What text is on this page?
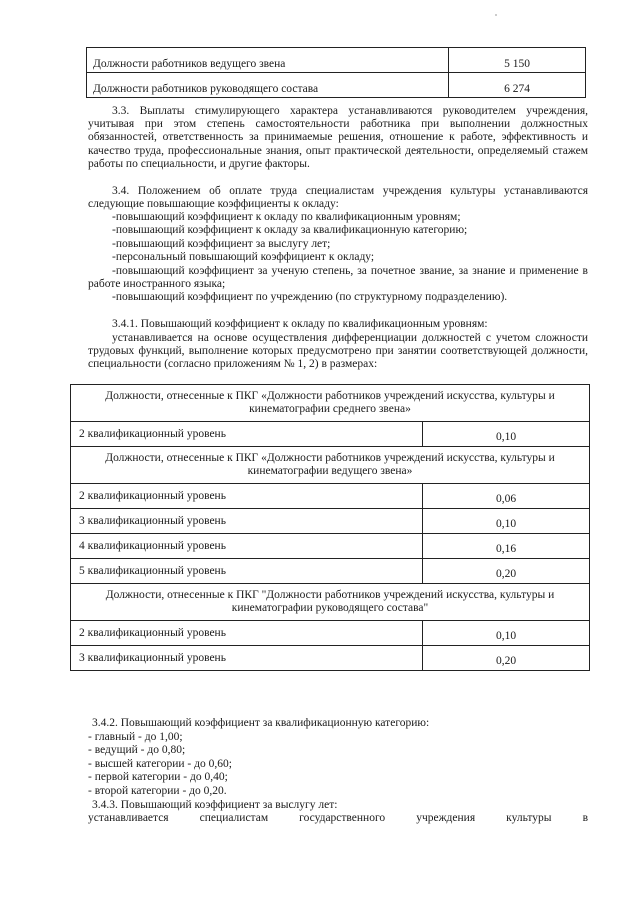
Должности работников ведущего звена	5 150
Должности работников руководящего состава	6 274

3.3. Выплаты стимулирующего характера устанавливаются руководителем учреждения, учитывая при этом степень самостоятельности работника при выполнении должностных обязанностей, ответственность за принимаемые решения, отношение к работе, эффективность и качество труда, профессиональные знания, опыт практической деятельности, определяемый стажем работы по специальности, и другие факторы.

3.4. Положением об оплате труда специалистам учреждения культуры устанавливаются следующие повышающие коэффициенты к окладу:

-повышающий коэффициент к окладу по квалификационным уровням;
-повышающий коэффициент к окладу за квалификационную категорию;
-повышающий коэффициент за выслугу лет;
-персональный повышающий коэффициент к окладу;
-повышающий коэффициент за ученую степень, за почетное звание, за знание и применение в работе иностранного языка;
-повышающий коэффициент по учреждению (по структурному подразделению).

3.4.1. Повышающий коэффициент к окладу по квалификационным уровням:

устанавливается на основе осуществления дифференциации должностей с учетом сложности трудовых функций, выполнение которых предусмотрено при занятии соответствующей должности, специальности (согласно приложениям № 1, 2) в размерах:

Должности, отнесенные к ПКГ «Должности работников учреждений искусства, культуры и кинематографии среднего звена»	
2 квалификационный уровень	0,10
Должности, отнесенные к ПКГ «Должности работников учреждений искусства, культуры и кинематографии ведущего звена»	
2 квалификационный уровень	0,06
3 квалификационный уровень	0,10
4 квалификационный уровень	0,16
5 квалификационный уровень	0,20
Должности, отнесенные к ПКГ "Должности работников учреждений искусства, культуры и кинематографии руководящего состава"	
2 квалификационный уровень	0,10
3 квалификационный уровень	0,20
3.4.2. Повышающий коэффициент за квалификационную категорию:
- главный - до 1,00;
- ведущий - до 0,80;
- высшей категории - до 0,60;
- первой категории - до 0,40;
- второй категории - до 0,20.
3.4.3. Повышающий коэффициент за выслугу лет:
устанавливается	специалистам	государственного	учреждения	культуры	в
